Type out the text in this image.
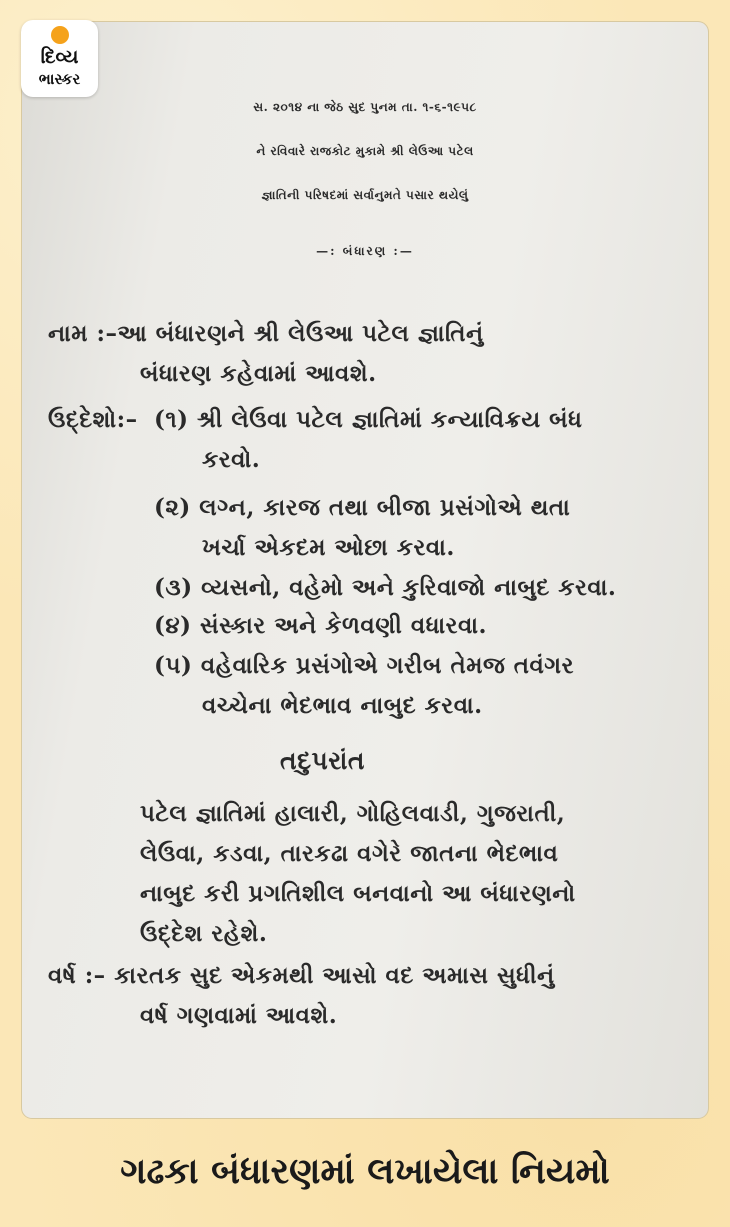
દિવ્ય
ભાસ્કર
સ. ૨૦૧૪ ના જેઠ સુદ પુનમ તા. ૧-૬-૧૯૫૮
ને રવિવારે રાજકોટ મુકામે શ્રી લેઉઆ પટેલ
જ્ઞાતિની પરિષદમાં સર્વાનુમતે પસાર થયેલું
—: બંધારણ :—
નામ :–આ બંધારણને શ્રી લેઉઆ પટેલ જ્ઞાતિનું
બંધારણ કહેવામાં આવશે.
ઉદ્દેશો:– (૧) શ્રી લેઉવા પટેલ જ્ઞાતિમાં કન્યાવિક્રય બંધ
કરવો.
(૨) લગ્ન, કારજ તથા બીજા પ્રસંગોએ થતા
ખર્ચા એકદમ ઓછા કરવા.
(૩) વ્યસનો, વહેમો અને કુરિવાજો નાબુદ કરવા.
(૪) સંસ્કાર અને કેળવણી વધારવા.
(૫) વહેવારિક પ્રસંગોએ ગરીબ તેમજ તવંગર
વચ્ચેના ભેદભાવ નાબુદ કરવા.
તદુપરાંત
પટેલ જ્ઞાતિમાં હાલારી, ગોહિલવાડી, ગુજરાતી,
લેઉવા, કડવા, તારકઢા વગેરે જાતના ભેદભાવ
નાબુદ કરી પ્રગતિશીલ બનવાનો આ બંધારણનો
ઉદ્દેશ રહેશે.
વર્ષ :– કારતક સુદ એકમથી આસો વદ અમાસ સુધીનું
વર્ષ ગણવામાં આવશે.
ગઢકા બંધારણમાં લખાયેલા નિયમો
